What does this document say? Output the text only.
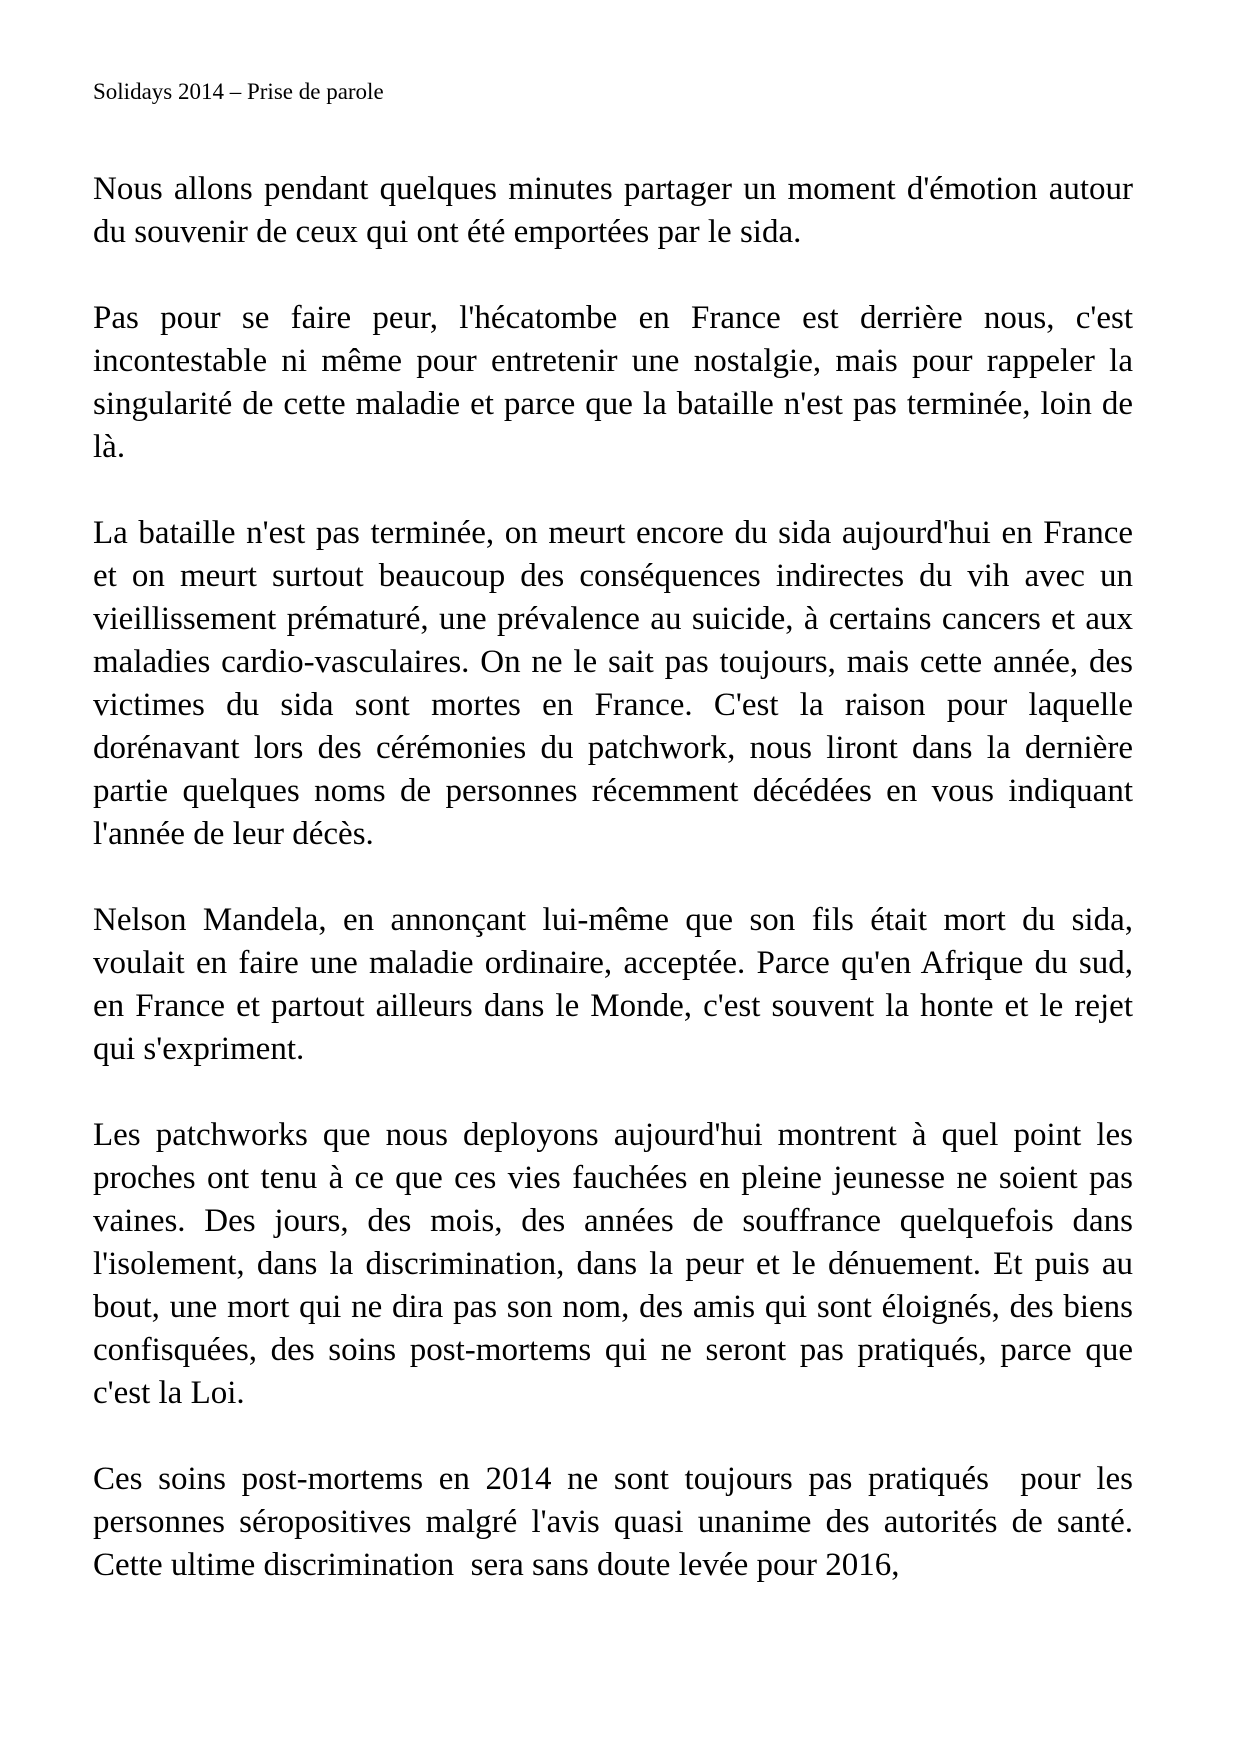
Solidays 2014 – Prise de parole

Nous allons pendant quelques minutes partager un moment d'émotion autour du souvenir de ceux qui ont été emportées par le sida.

Pas pour se faire peur, l'hécatombe en France est derrière nous, c'est incontestable ni même pour entretenir une nostalgie, mais pour rappeler la singularité de cette maladie et parce que la bataille n'est pas terminée, loin de là.

La bataille n'est pas terminée, on meurt encore du sida aujourd'hui en France et on meurt surtout beaucoup des conséquences indirectes du vih avec un vieillissement prématuré, une prévalence au suicide, à certains cancers et aux maladies cardio-vasculaires. On ne le sait pas toujours, mais cette année, des victimes du sida sont mortes en France. C'est la raison pour laquelle dorénavant lors des cérémonies du patchwork, nous liront dans la dernière partie quelques noms de personnes récemment décédées en vous indiquant l'année de leur décès.

Nelson Mandela, en annonçant lui-même que son fils était mort du sida, voulait en faire une maladie ordinaire, acceptée. Parce qu'en Afrique du sud, en France et partout ailleurs dans le Monde, c'est souvent la honte et le rejet qui s'expriment.

Les patchworks que nous deployons aujourd'hui montrent à quel point les proches ont tenu à ce que ces vies fauchées en pleine jeunesse ne soient pas vaines. Des jours, des mois, des années de souffrance quelquefois dans l'isolement, dans la discrimination, dans la peur et le dénuement. Et puis au bout, une mort qui ne dira pas son nom, des amis qui sont éloignés, des biens confisquées, des soins post-mortems qui ne seront pas pratiqués, parce que c'est la Loi.

Ces soins post-mortems en 2014 ne sont toujours pas pratiqués  pour les personnes séropositives malgré l'avis quasi unanime des autorités de santé. Cette ultime discrimination  sera sans doute levée pour 2016,
